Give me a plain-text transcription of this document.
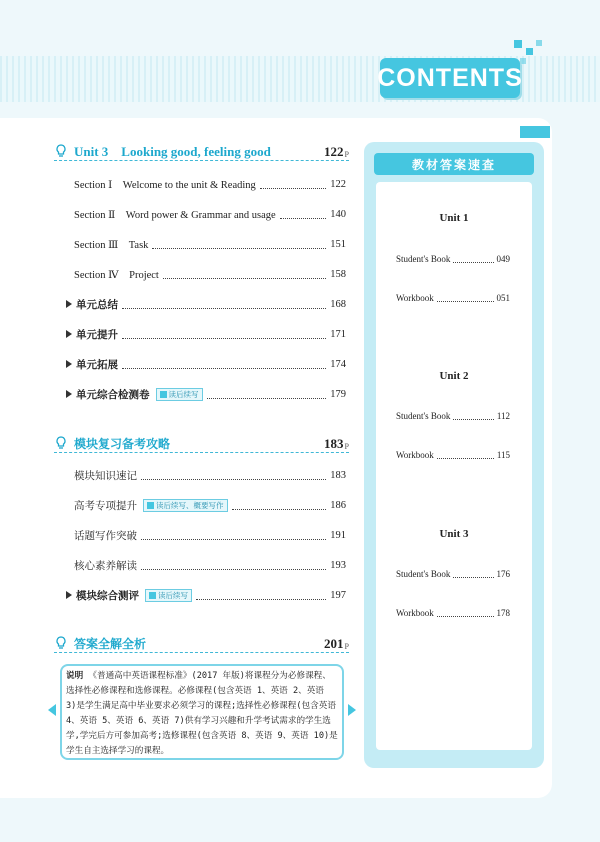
CONTENTS
Unit 3　Looking good, feeling good	122 P
Section Ⅰ　Welcome to the unit & Reading	122
Section Ⅱ　Word power & Grammar and usage	140
Section Ⅲ　Task	151
Section Ⅳ　Project	158
单元总结	168
单元提升	171
单元拓展	174
单元综合检测卷	读后续写	179
模块复习备考攻略	183 P
模块知识速记	183
高考专项提升	读后续写、概要写作	186
话题写作突破	191
核心素养解读	193
模块综合测评	读后续写	197
答案全解全析	201 P
说明 《普通高中英语课程标准》(2017 年版)将课程分为必修课程、选择性必修课程和选修课程。必修课程(包含英语 1、英语 2、英语 3)是学生满足高中毕业要求必须学习的课程;选择性必修课程(包含英语 4、英语 5、英语 6、英语 7)供有学习兴趣和升学考试需求的学生选学,学完后方可参加高考;选修课程(包含英语 8、英语 9、英语 10)是学生自主选择学习的课程。
教材答案速查
Unit 1
Student's Book	049
Workbook	051
Unit 2
Student's Book	112
Workbook	115
Unit 3
Student's Book	176
Workbook	178
